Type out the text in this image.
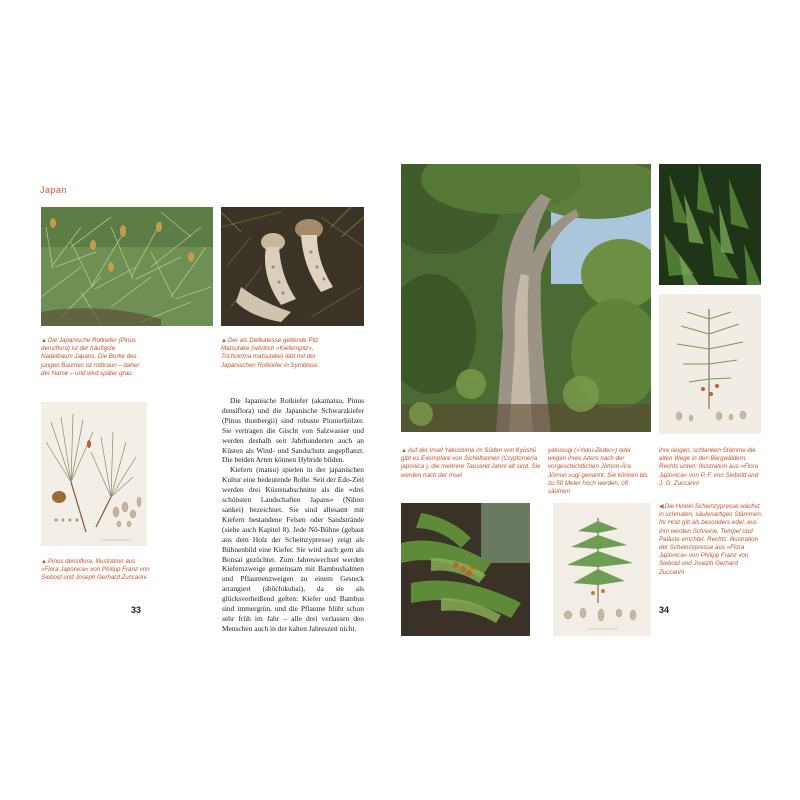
Japan

▲Die Japanische Rotkiefer (Pinus densiflora) ist der häufigste Nadelbaum Japans. Die Borke des jungen Baumes ist rotbraun – daher der Name – und wird später grau.

▲Der als Delikatesse geltende Pilz Matsutake (wörtlich »Kiefernpilz«, Tricholoma matsutake) lebt mit der Japanischen Rotkiefer in Symbiose.

▲Pinus densiflora, Illustration aus »Flora Japonica« von Philipp Franz von Siebold und Joseph Gerhard Zuccarini

Die Japanische Rotkiefer (akamatsu, Pinus densiflora) und die Japanische Schwarzkiefer (Pinus thunbergii) sind robuste Pionierhölzer. Sie vertragen die Gischt von Salzwasser und werden deshalb seit Jahrhunderten auch an Küsten als Wind- und Sandschutz angepflanzt. Die beiden Arten können Hybride bilden.

Kiefern (matsu) spielen in der japanischen Kultur eine bedeutende Rolle. Seit der Edo-Zeit werden drei Küstenabschnitte als die »drei schönsten Landschaften Japans« (Nihon sankei) bezeichnet. Sie sind allesamt mit Kiefern bestandene Felsen oder Sandstrände (siehe auch Kapitel 8). Jede Nō-Bühne (gebaut aus dem Holz der Scheinzypresse) zeigt als Bühnenbild eine Kiefer. Sie wird auch gern als Bonsai gezüchtet. Zum Jahreswechsel werden Kiefernzweige gemeinsam mit Bambushalmen und Pflaumenzweigen zu einem Gesteck arrangiert (shōchikubai), da sie als glücksverheißend gelten: Kiefer und Bambus sind immergrün, und die Pflaume blüht schon sehr früh im Jahr – alle drei verlassen den Menschen auch in der kalten Jahreszeit nicht.

33

▲Auf der Insel Yakushima im Süden von Kyūshū gibt es Exemplare von Sicheltannen (Cryptomeria japonica ), die mehrere Tausend Jahre alt sind. Sie werden nach der Insel

yakusugi (»Yaku-Zeder«) oder wegen ihres Alters nach der vorgeschichtlichen Jōmon-Ära Jōmon sugi genannt. Sie können bis zu 50 Meter hoch werden; oft säumen

ihre langen, schlanken Stämme die alten Wege in den Bergwäldern. Rechts unten: Illustration aus »Flora Japonica« von P. F. von Siebold und J. G. Zuccarini

◀Die Hinoki-Scheinzypresse wächst in schmalen, säulenartigen Stämmen. Ihr Holz gilt als besonders edel, aus ihm werden Schreine, Tempel und Paläste errichtet. Rechts: Illustration der Scheinzypresse aus »Flora Japonica« von Philipp Franz von Siebold und Joseph Gerhard Zuccarini

34
